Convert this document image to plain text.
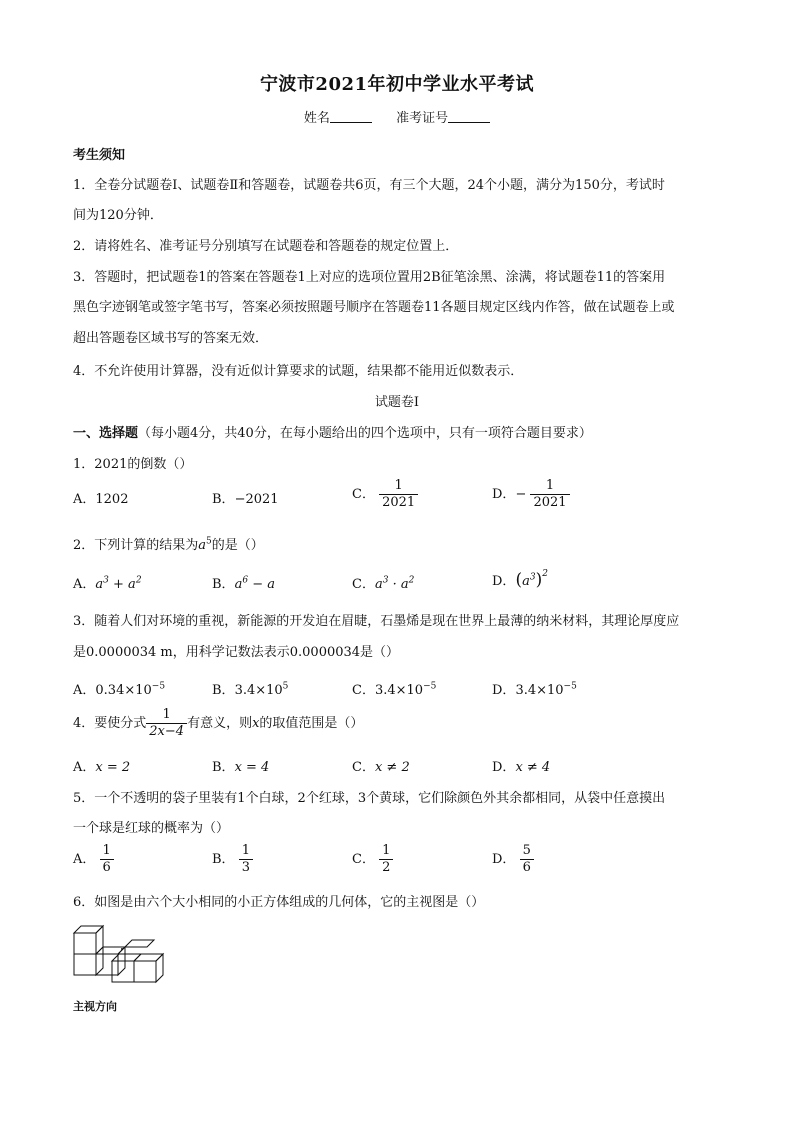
宁波市2021年初中学业水平考试
姓名	准考证号
考生须知
1．全卷分试题卷Ⅰ、试题卷Ⅱ和答题卷，试题卷共6页，有三个大题，24个小题，满分为150分，考试时
间为120分钟．
2．请将姓名、准考证号分别填写在试题卷和答题卷的规定位置上．
3．答题时，把试题卷1的答案在答题卷1上对应的选项位置用2B征笔涂黑、涂满，将试题卷11的答案用
黑色字迹钢笔或签字笔书写，答案必须按照题号顺序在答题卷11各题目规定区线内作答，做在试题卷上或
超出答题卷区域书写的答案无效．
4．不允许使用计算器，没有近似计算要求的试题，结果都不能用近似数表示．
试题卷Ⅰ
一、选择题（每小题4分，共40分，在每小题给出的四个选项中，只有一项符合题目要求）
1．2021的倒数（）
A．1202	B．−2021	C． $\frac{1}{2021}$	D．− $\frac{1}{2021}$
2．下列计算的结果为$a^5$的是（）
A．$a^3 + a^2$	B．$a^6 - a$	C．$a^3 \cdot a^2$	D．$(a^3)^2$
3．随着人们对环境的重视，新能源的开发迫在眉睫，石墨烯是现在世界上最薄的纳米材料，其理论厚度应
是0.0000034 m，用科学记数法表示0.0000034是（）
A．$0.34\times 10^{-5}$	B．$3.4\times 10^5$	C．$3.4\times 10^{-5}$	D．$3.4\times 10^{-5}$
4．要使分式 $\frac{1}{2x-4}$ 有意义，则x的取值范围是（）
A．x = 2	B．x = 4	C．x ≠ 2	D．x ≠ 4
5．一个不透明的袋子里装有1个白球，2个红球，3个黄球，它们除颜色外其余都相同，从袋中任意摸出
一个球是红球的概率为（）
A． $\frac{1}{6}$	B． $\frac{1}{3}$	C． $\frac{1}{2}$	D． $\frac{5}{6}$
6．如图是由六个大小相同的小正方体组成的几何体，它的主视图是（）
主视方向
